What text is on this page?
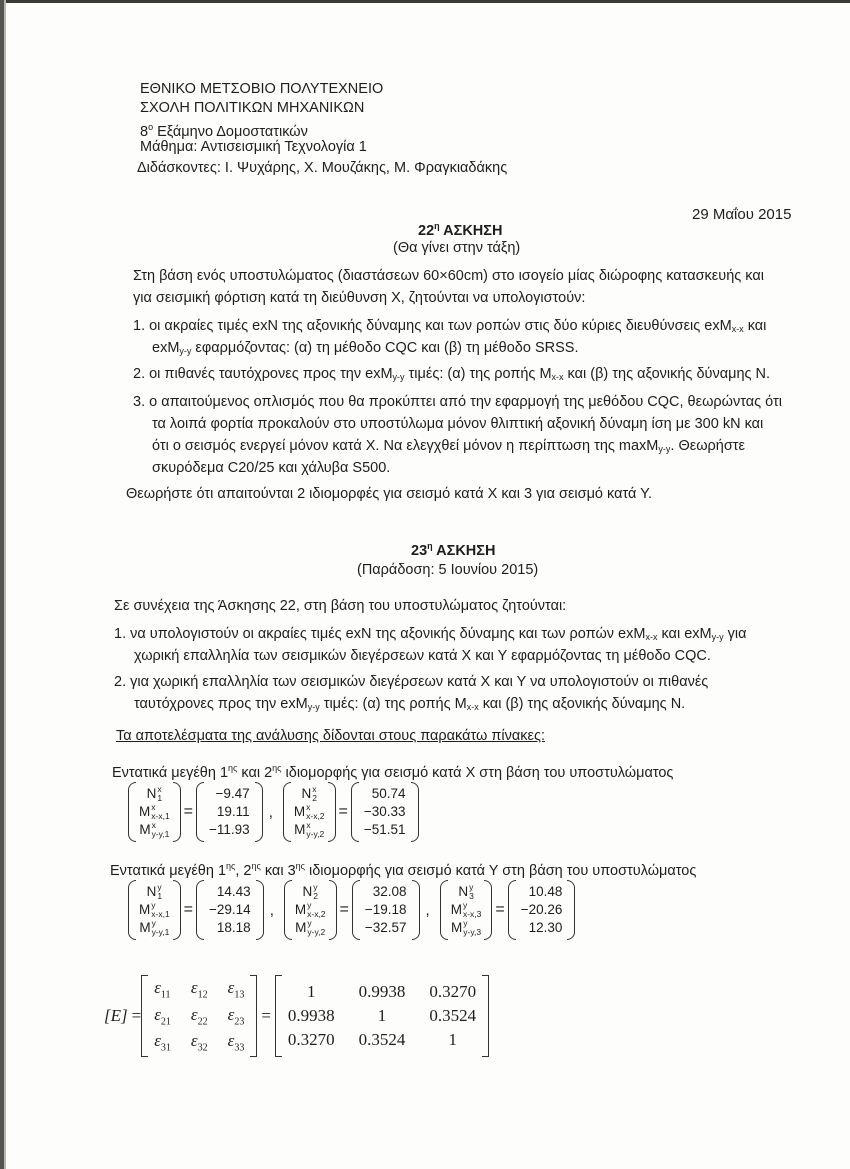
ΕΘΝΙΚΟ ΜΕΤΣΟΒΙΟ ΠΟΛΥΤΕΧΝΕΙΟ
ΣΧΟΛΗ ΠΟΛΙΤΙΚΩΝ ΜΗΧΑΝΙΚΩΝ
$8^o$ Εξάμηνο Δομοστατικών
Μάθημα: Αντισεισμική Τεχνολογία 1
Διδάσκοντες: Ι. Ψυχάρης, Χ. Μουζάκης, Μ. Φραγκιαδάκης
29 Μαΐου 2015
$22^\eta$ ΑΣΚΗΣΗ
(Θα γίνει στην τάξη)
Στη βάση ενός υποστυλώματος (διαστάσεων 60×60cm) στο ισογείο μίας διώροφης κατασκευής και
για σεισμική φόρτιση κατά τη διεύθυνση Χ, ζητούνται να υπολογιστούν:
1. οι ακραίες τιμές exN της αξονικής δύναμης και των ροπών στις δύο κύριες διευθύνσεις exM$_{x-x}$ και
exM$_{y-y}$ εφαρμόζοντας: (α) τη μέθοδο CQC και (β) τη μέθοδο SRSS.
2. οι πιθανές ταυτόχρονες προς την exM$_{y-y}$ τιμές: (α) της ροπής $M_{x-x}$ και (β) της αξονικής δύναμης Ν.
3. ο απαιτούμενος οπλισμός που θα προκύπτει από την εφαρμογή της μεθόδου CQC, θεωρώντας ότι
τα λοιπά φορτία προκαλούν στο υποστύλωμα μόνον θλιπτική αξονική δύναμη ίση με 300 kN και
ότι ο σεισμός ενεργεί μόνον κατά Χ. Να ελεγχθεί μόνον η περίπτωση της maxM$_{y-y}$. Θεωρήστε
σκυρόδεμα C20/25 και χάλυβα S500.
Θεωρήστε ότι απαιτούνται 2 ιδιομορφές για σεισμό κατά Χ και 3 για σεισμό κατά Υ.
$23^\eta$ ΑΣΚΗΣΗ
(Παράδοση: 5 Ιουνίου 2015)
Σε συνέχεια της Άσκησης 22, στη βάση του υποστυλώματος ζητούνται:
1. να υπολογιστούν οι ακραίες τιμές exN της αξονικής δύναμης και των ροπών exM$_{x-x}$ και exM$_{y-y}$ για
χωρική επαλληλία των σεισμικών διεγέρσεων κατά Χ και Υ εφαρμόζοντας τη μέθοδο CQC.
2. για χωρική επαλληλία των σεισμικών διεγέρσεων κατά Χ και Υ να υπολογιστούν οι πιθανές
ταυτόχρονες προς την exM$_{y-y}$ τιμές: (α) της ροπής $M_{x-x}$ και (β) της αξονικής δύναμης Ν.
Τα αποτελέσματα της ανάλυσης δίδονται στους παρακάτω πίνακες:
Εντατικά μεγέθη $1^{\eta\varsigma}$ και $2^{\eta\varsigma}$ ιδιομορφής για σεισμό κατά Χ στη βάση του υποστυλώματος
N x
1
M x
x-x,1
M x
y-y,1
=
−9.47
19.11
−11.93
,
N x
2
M x
x-x,2
M x
y-y,2
=
50.74
−30.33
−51.51
Εντατικά μεγέθη $1^{\eta\varsigma}$, $2^{\eta\varsigma}$ και $3^{\eta\varsigma}$ ιδιομορφής για σεισμό κατά Υ στη βάση του υποστυλώματος
N y
1
M y
x-x,1
M y
y-y,1
=
14.43
−29.14
18.18
,
N y
2
M y
x-x,2
M y
y-y,2
=
32.08
−19.18
−32.57
,
N y
3
M y
x-x,3
M y
y-y,3
=
10.48
−20.26
12.30
[E] =
$\varepsilon_{11}$ $\varepsilon_{12}$ $\varepsilon_{13}$
$\varepsilon_{21}$ $\varepsilon_{22}$ $\varepsilon_{23}$
$\varepsilon_{31}$ $\varepsilon_{32}$ $\varepsilon_{33}$
=
1	0.9938 0.3270
0.9938	1	0.3524
0.3270 0.3524	1
